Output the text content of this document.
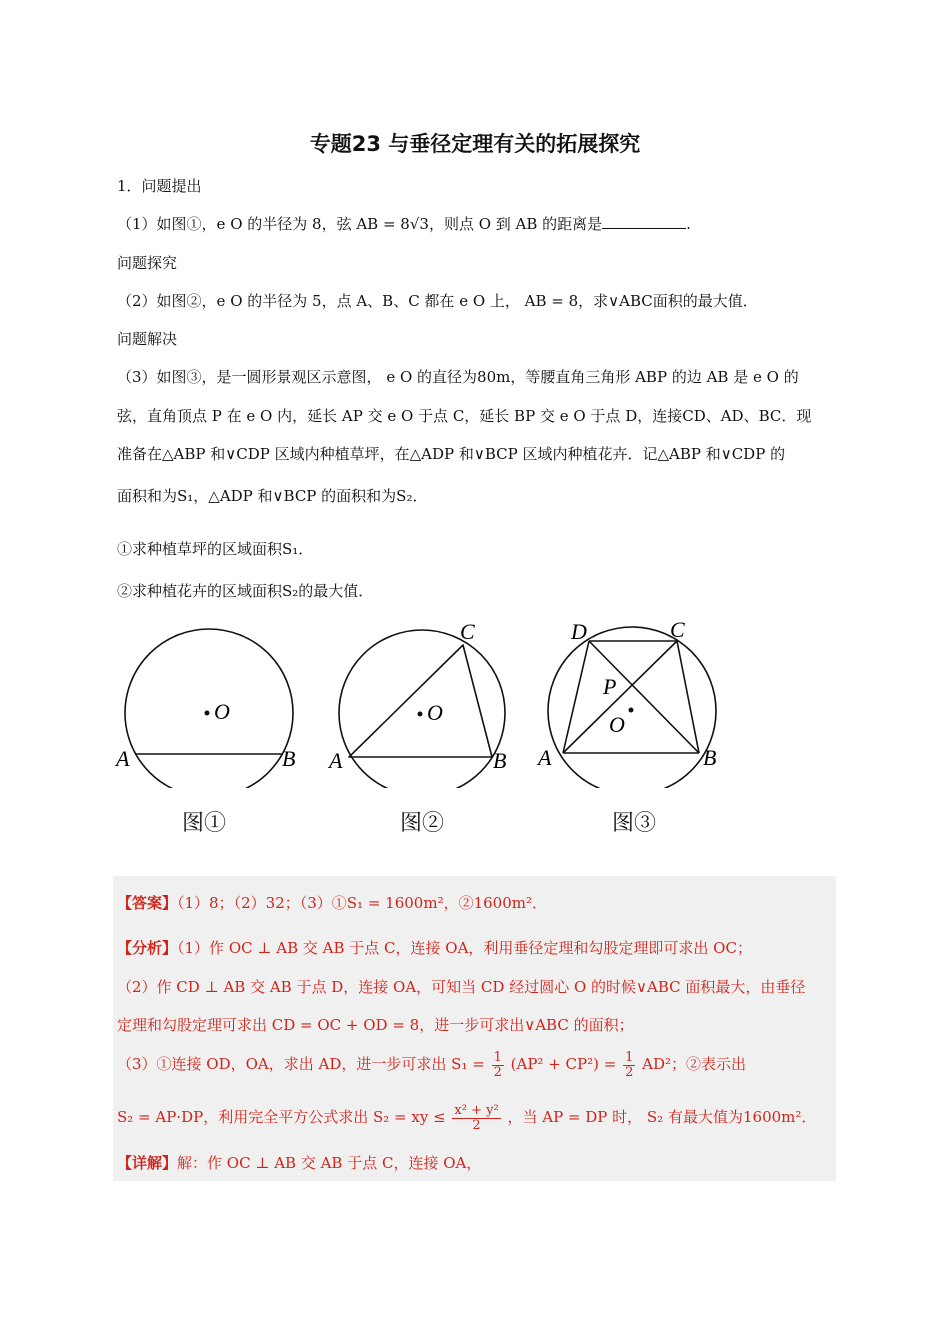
专题23 与垂径定理有关的拓展探究
1．问题提出
（1）如图①，e O 的半径为 8，弦 AB = 8√3，则点 O 到 AB 的距离是	.
问题探究
（2）如图②，e O 的半径为 5，点 A、B、C 都在 e O 上， AB = 8，求∨ABC面积的最大值．
问题解决
（3）如图③，是一圆形景观区示意图， e O 的直径为80m，等腰直角三角形 ABP 的边 AB 是 e O 的
弦，直角顶点 P 在 e O 内，延长 AP 交 e O 于点 C，延长 BP 交 e O 于点 D，连接CD、AD、BC．现
准备在△ABP 和∨CDP 区域内种植草坪，在△ADP 和∨BCP 区域内种植花卉．记△ABP 和∨CDP 的
面积和为S₁，△ADP 和∨BCP 的面积和为S₂．
①求种植草坪的区域面积S₁．
②求种植花卉的区域面积S₂的最大值．
O
A	B
图①
O
A	B
C
图②
O
P
A	B
C
D
图③
【答案】（1）8；（2）32；（3）①S₁ = 1600m²，②1600m²．
【分析】（1）作 OC ⊥ AB 交 AB 于点 C，连接 OA，利用垂径定理和勾股定理即可求出 OC；
（2）作 CD ⊥ AB 交 AB 于点 D，连接 OA，可知当 CD 经过圆心 O 的时候∨ABC 面积最大，由垂径
定理和勾股定理可求出 CD = OC + OD = 8，进一步可求出∨ABC 的面积；
（3）①连接 OD，OA，求出 AD，进一步可求出 $S_1 = \frac{1}{2} (AP^2 + CP^2) = \frac{1}{2} AD^2$；②表示出
S₂ = AP·DP，利用完全平方公式求出 S₂ = xy ≤ $\frac{\text{x² + y²}}{2}$ ，当 AP = DP 时， S₂ 有最大值为1600m²．
【详解】解：作 OC ⊥ AB 交 AB 于点 C，连接 OA，
